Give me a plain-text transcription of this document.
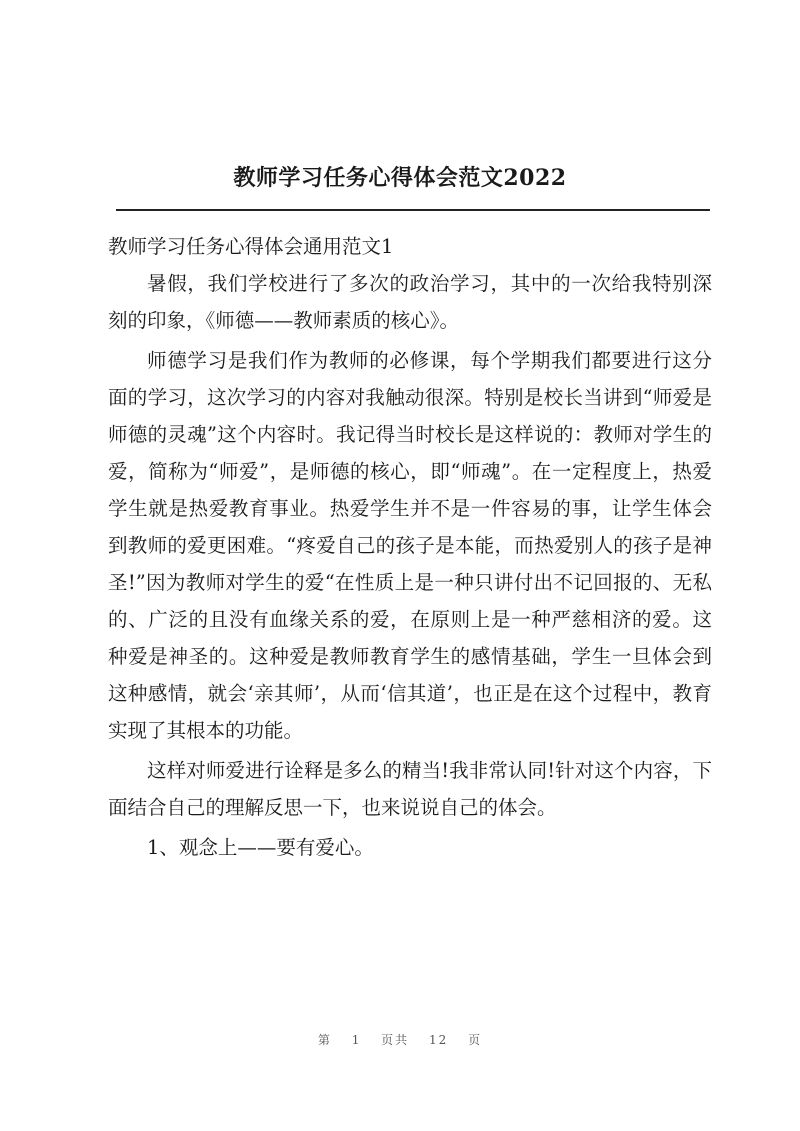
教师学习任务心得体会范文2022

教师学习任务心得体会通用范文1

暑假，我们学校进行了多次的政治学习，其中的一次给我特别深刻的印象，《师德——教师素质的核心》。

师德学习是我们作为教师的必修课，每个学期我们都要进行这分面的学习，这次学习的内容对我触动很深。特别是校长当讲到“师爱是师德的灵魂”这个内容时。我记得当时校长是这样说的：教师对学生的爱，简称为“师爱”，是师德的核心，即“师魂”。在一定程度上，热爱学生就是热爱教育事业。热爱学生并不是一件容易的事，让学生体会到教师的爱更困难。“疼爱自己的孩子是本能，而热爱别人的孩子是神圣!”因为教师对学生的爱“在性质上是一种只讲付出不记回报的、无私的、广泛的且没有血缘关系的爱，在原则上是一种严慈相济的爱。这种爱是神圣的。这种爱是教师教育学生的感情基础，学生一旦体会到这种感情，就会‘亲其师’，从而‘信其道’，也正是在这个过程中，教育实现了其根本的功能。

这样对师爱进行诠释是多么的精当!我非常认同!针对这个内容，下面结合自己的理解反思一下，也来说说自己的体会。

1、观念上——要有爱心。

第 1 页共 12 页
